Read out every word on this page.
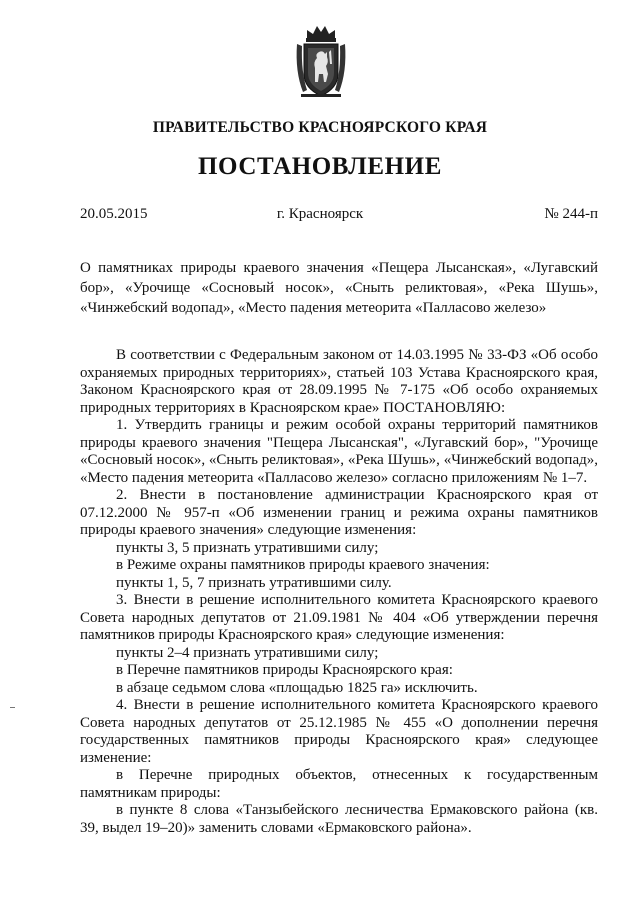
ПРАВИТЕЛЬСТВО КРАСНОЯРСКОГО КРАЯ
ПОСТАНОВЛЕНИЕ
20.05.2015	г. Красноярск	№ 244-п
О памятниках природы краевого значения «Пещера Лысанская», «Лугавский бор», «Урочище «Сосновый носок», «Сныть реликтовая», «Река Шушь», «Чинжебский водопад», «Место падения метеорита «Палласово железо»

В соответствии с Федеральным законом от 14.03.1995 № 33-ФЗ «Об особо охраняемых природных территориях», статьей 103 Устава Красноярского края, Законом Красноярского края от 28.09.1995 № 7-175 «Об особо охраняемых природных территориях в Красноярском крае» ПОСТАНОВЛЯЮ:

1. Утвердить границы и режим особой охраны территорий памятников природы краевого значения "Пещера Лысанская", «Лугавский бор», "Урочище «Сосновый носок», «Сныть реликтовая», «Река Шушь», «Чинжебский водопад», «Место падения метеорита «Палласово железо» согласно приложениям № 1–7.

2. Внести в постановление администрации Красноярского края от 07.12.2000 № 957-п «Об изменении границ и режима охраны памятников природы краевого значения» следующие изменения:

пункты 3, 5 признать утратившими силу;

в Режиме охраны памятников природы краевого значения:

пункты 1, 5, 7 признать утратившими силу.

3. Внести в решение исполнительного комитета Красноярского краевого Совета народных депутатов от 21.09.1981 № 404 «Об утверждении перечня памятников природы Красноярского края» следующие изменения:

пункты 2–4 признать утратившими силу;

в Перечне памятников природы Красноярского края:

в абзаце седьмом слова «площадью 1825 га» исключить.

4. Внести в решение исполнительного комитета Красноярского краевого Совета народных депутатов от 25.12.1985 № 455 «О дополнении перечня государственных памятников природы Красноярского края» следующее изменение:

в Перечне природных объектов, отнесенных к государственным памятникам природы:

в пункте 8 слова «Танзыбейского лесничества Ермаковского района (кв. 39, выдел 19–20)» заменить словами «Ермаковского района».
